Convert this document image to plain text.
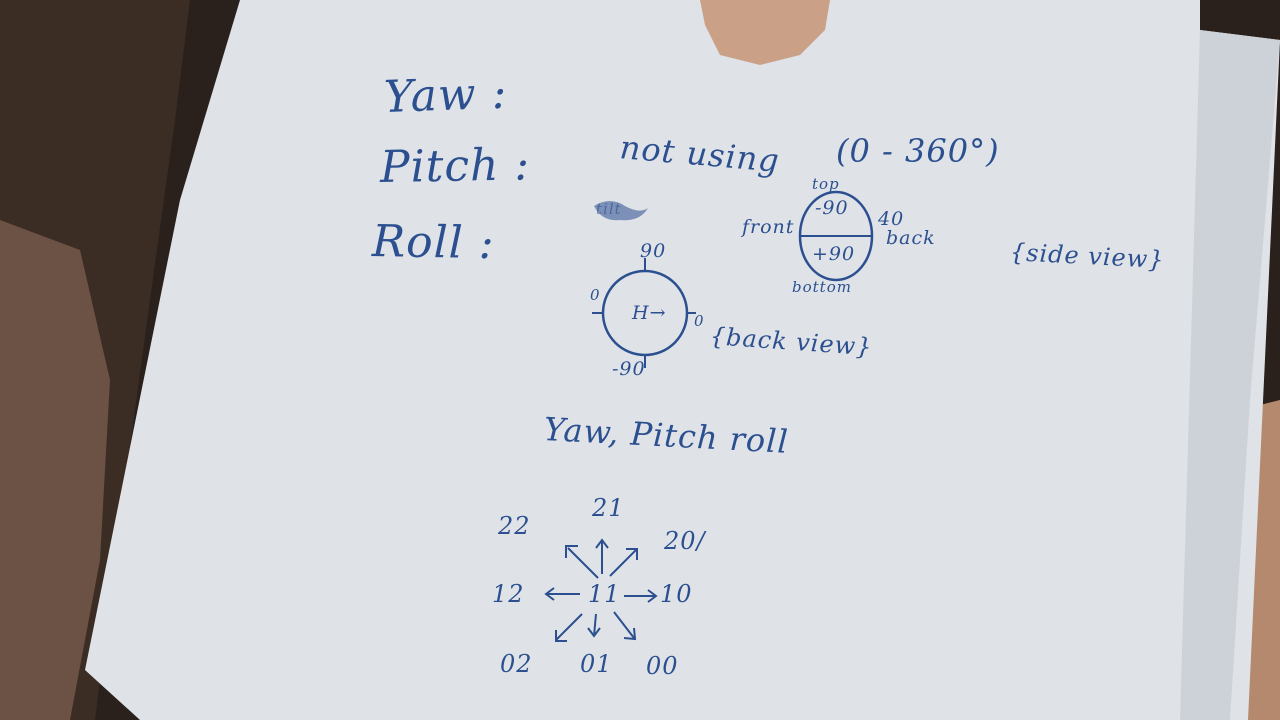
Yaw :
Pitch :
Roll :
not using (0 - 360°)
tilt
top
-90
+90
bottom
front	40
back
{side view}
90
-90
0
0
H→
{back view}
Yaw, Pitch roll
22
21
20/
12	11 10
02 01 00
